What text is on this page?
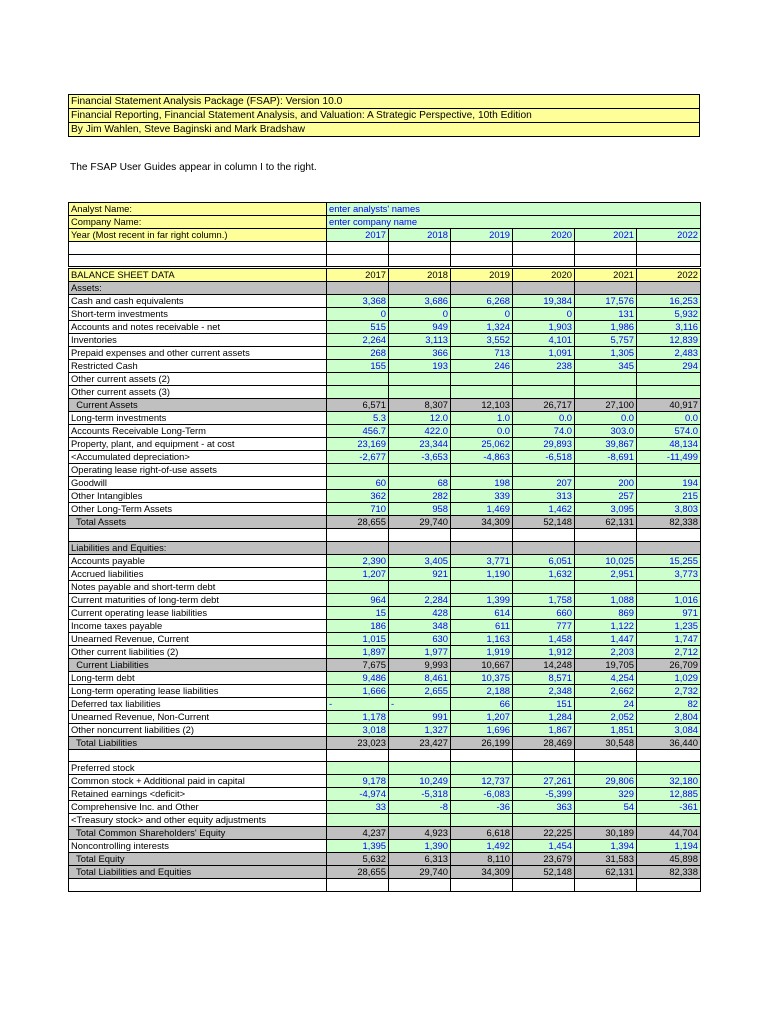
Financial Statement Analysis Package (FSAP): Version 10.0
Financial Reporting, Financial Statement Analysis, and Valuation: A Strategic Perspective, 10th Edition
By Jim Wahlen, Steve Baginski and Mark Bradshaw
The FSAP User Guides appear in column I to the right.
Analyst Name:	enter analysts' names					
Company Name:	enter company name					
Year (Most recent in far right column.)	2017	2018	2019	2020	2021	2022

BALANCE SHEET DATA	2017	2018	2019	2020	2021	2022
Assets:						
Cash and cash equivalents	3,368	3,686	6,268	19,384	17,576	16,253
Short-term investments	0	0	0	0	131	5,932
Accounts and notes receivable - net	515	949	1,324	1,903	1,986	3,116
Inventories	2,264	3,113	3,552	4,101	5,757	12,839
Prepaid expenses and other current assets	268	366	713	1,091	1,305	2,483
Restricted Cash	155	193	246	238	345	294
Other current assets (2)						
Other current assets (3)						
Current Assets	6,571	8,307	12,103	26,717	27,100	40,917
Long-term investments	5.3	12.0	1.0	0.0	0.0	0.0
Accounts Receivable Long-Term	456.7	422.0	0.0	74.0	303.0	574.0
Property, plant, and equipment - at cost	23,169	23,344	25,062	29,893	39,867	48,134
<Accumulated depreciation>	-2,677	-3,653	-4,863	-6,518	-8,691	-11,499
Operating lease right-of-use assets						
Goodwill	60	68	198	207	200	194
Other Intangibles	362	282	339	313	257	215
Other Long-Term Assets	710	958	1,469	1,462	3,095	3,803
Total Assets	28,655	29,740	34,309	52,148	62,131	82,338

Liabilities and Equities:						
Accounts payable	2,390	3,405	3,771	6,051	10,025	15,255
Accrued liabilities	1,207	921	1,190	1,632	2,951	3,773
Notes payable and short-term debt						
Current maturities of long-term debt	964	2,284	1,399	1,758	1,088	1,016
Current operating lease liabilities	15	428	614	660	869	971
Income taxes payable	186	348	611	777	1,122	1,235
Unearned Revenue, Current	1,015	630	1,163	1,458	1,447	1,747
Other current liabilities (2)	1,897	1,977	1,919	1,912	2,203	2,712
Current Liabilities	7,675	9,993	10,667	14,248	19,705	26,709
Long-term debt	9,486	8,461	10,375	8,571	4,254	1,029
Long-term operating lease liabilities	1,666	2,655	2,188	2,348	2,662	2,732
Deferred tax liabilities	-	-	66	151	24	82
Unearned Revenue, Non-Current	1,178	991	1,207	1,284	2,052	2,804
Other noncurrent liabilities (2)	3,018	1,327	1,696	1,867	1,851	3,084
Total Liabilities	23,023	23,427	26,199	28,469	30,548	36,440

Preferred stock						
Common stock + Additional paid in capital	9,178	10,249	12,737	27,261	29,806	32,180
Retained earnings <deficit>	-4,974	-5,318	-6,083	-5,399	329	12,885
Comprehensive Inc. and Other	33	-8	-36	363	54	-361
<Treasury stock> and other equity adjustments						
Total Common Shareholders' Equity	4,237	4,923	6,618	22,225	30,189	44,704
Noncontrolling interests	1,395	1,390	1,492	1,454	1,394	1,194
Total Equity	5,632	6,313	8,110	23,679	31,583	45,898
Total Liabilities and Equities	28,655	29,740	34,309	52,148	62,131	82,338
